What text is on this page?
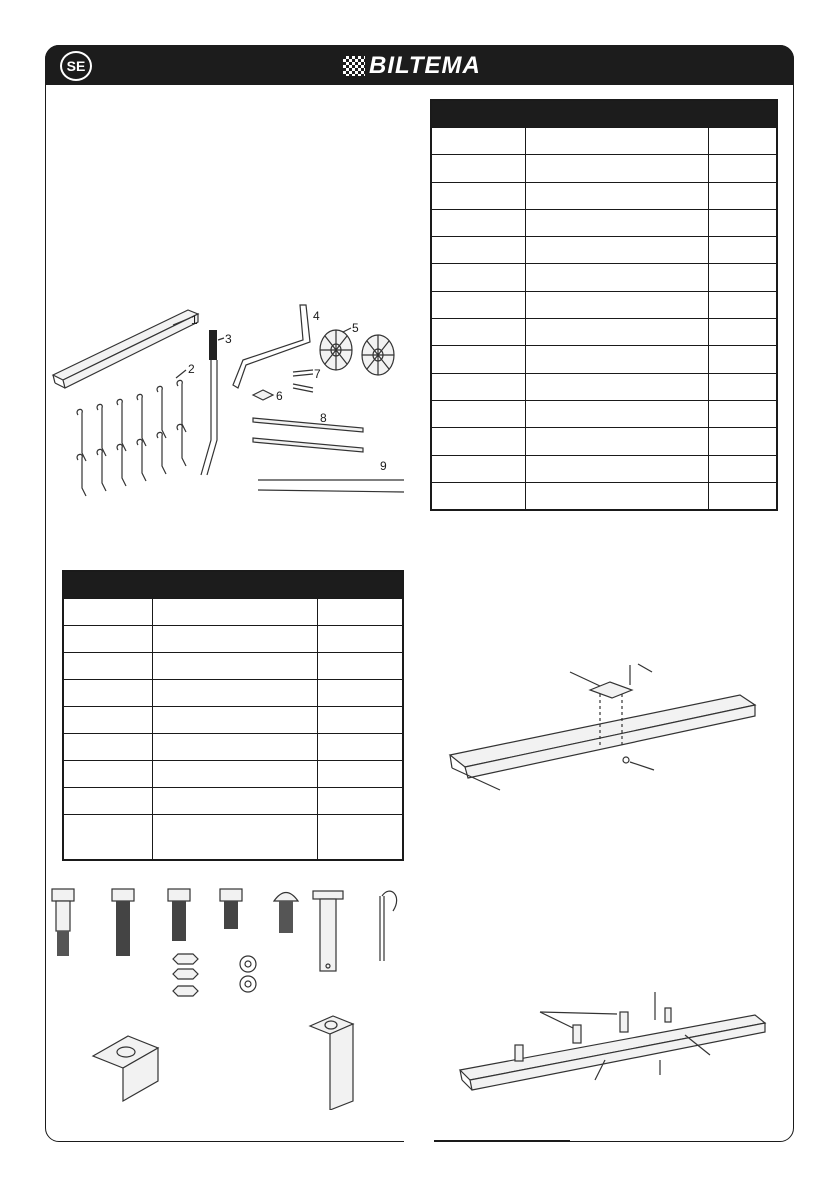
SE	BILTEMA

1
2
3
4
5
6
7
8
9
